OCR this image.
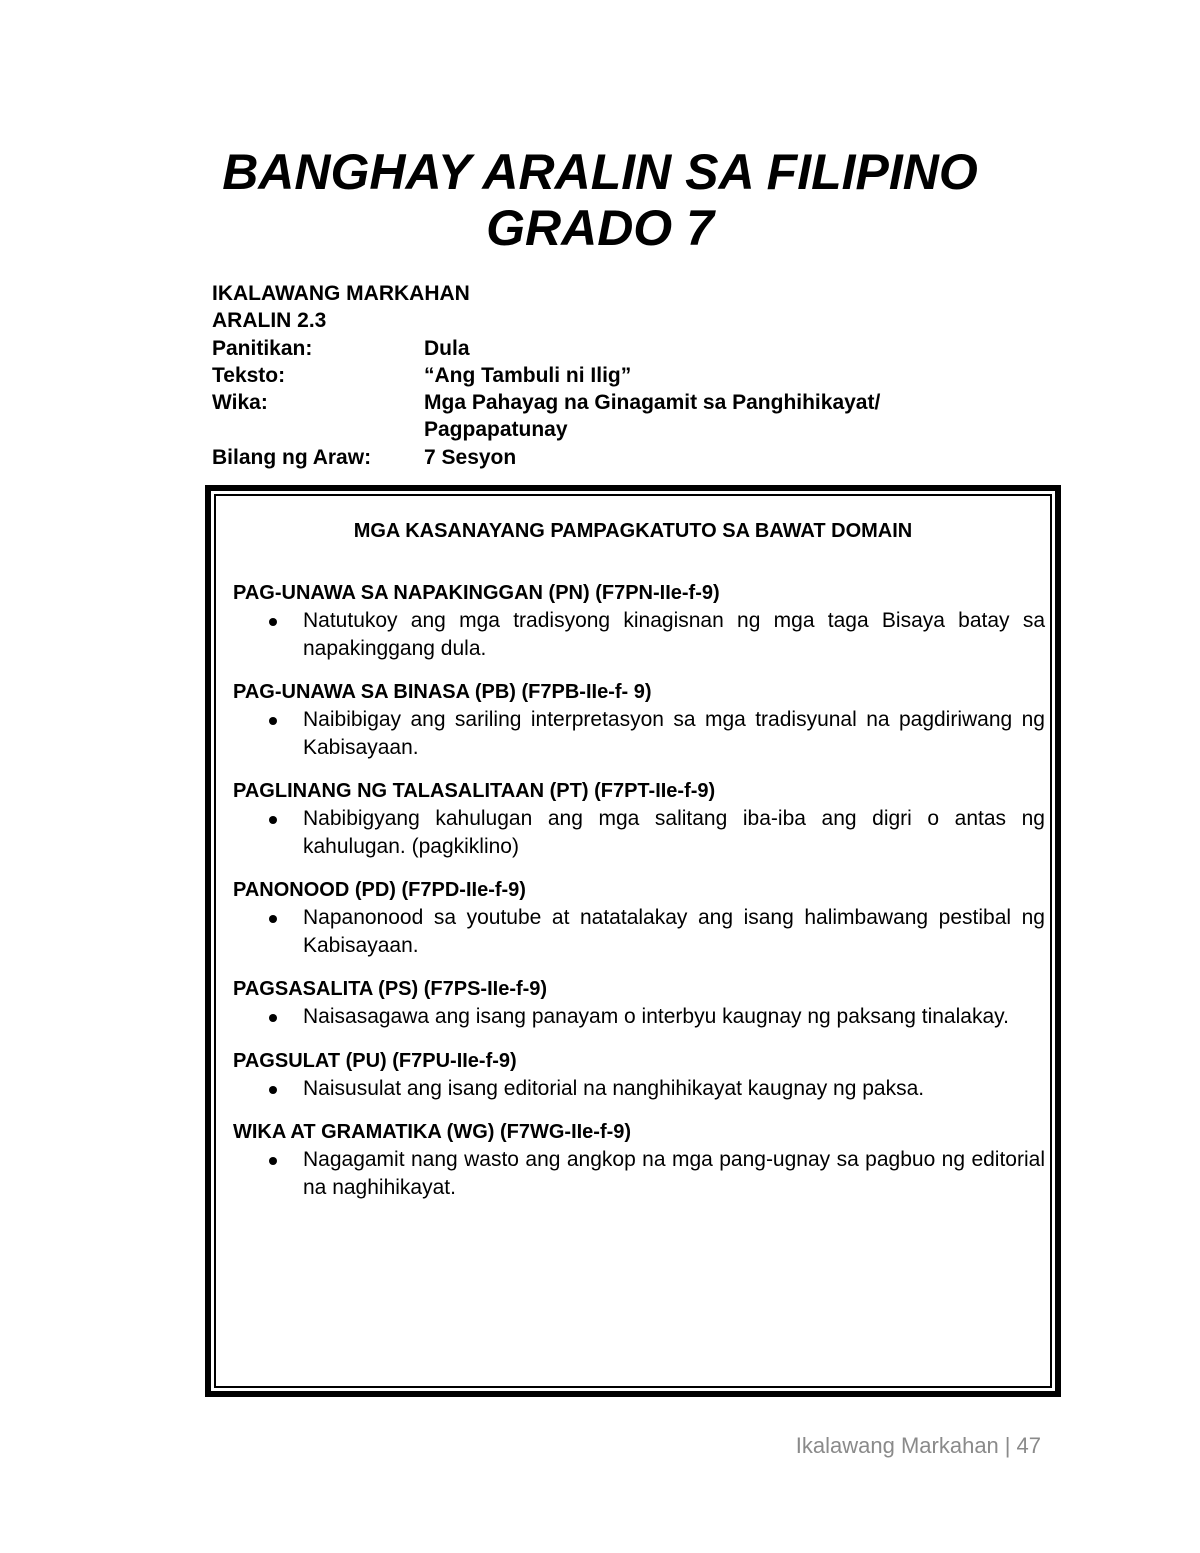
BANGHAY ARALIN SA FILIPINO
GRADO 7
IKALAWANG MARKAHAN
ARALIN 2.3
Panitikan:	Dula
Teksto:	“Ang Tambuli ni Ilig”
Wika:	Mga Pahayag na Ginagamit sa Panghihikayat/
Pagpapatunay
Bilang ng Araw:	7 Sesyon
MGA KASANAYANG PAMPAGKATUTO SA BAWAT DOMAIN

PAG-UNAWA SA NAPAKINGGAN (PN) (F7PN-IIe-f-9)

Natutukoy ang mga tradisyong kinagisnan ng mga taga Bisaya batay sa napakinggang dula.

PAG-UNAWA SA BINASA (PB) (F7PB-IIe-f- 9)

Naibibigay ang sariling interpretasyon sa mga tradisyunal na pagdiriwang ng Kabisayaan.

PAGLINANG NG TALASALITAAN (PT) (F7PT-IIe-f-9)

Nabibigyang kahulugan ang mga salitang iba-iba ang digri o antas ng kahulugan. (pagkiklino)

PANONOOD (PD) (F7PD-IIe-f-9)

Napanonood sa youtube at natatalakay ang isang halimbawang pestibal ng Kabisayaan.

PAGSASALITA (PS) (F7PS-IIe-f-9)

Naisasagawa ang isang panayam o interbyu kaugnay ng paksang tinalakay.

PAGSULAT (PU) (F7PU-IIe-f-9)

Naisusulat ang isang editorial na nanghihikayat kaugnay ng paksa.

WIKA AT GRAMATIKA (WG) (F7WG-IIe-f-9)

Nagagamit nang wasto ang angkop na mga pang-ugnay sa pagbuo ng editorial na naghihikayat.
Ikalawang Markahan | 47
